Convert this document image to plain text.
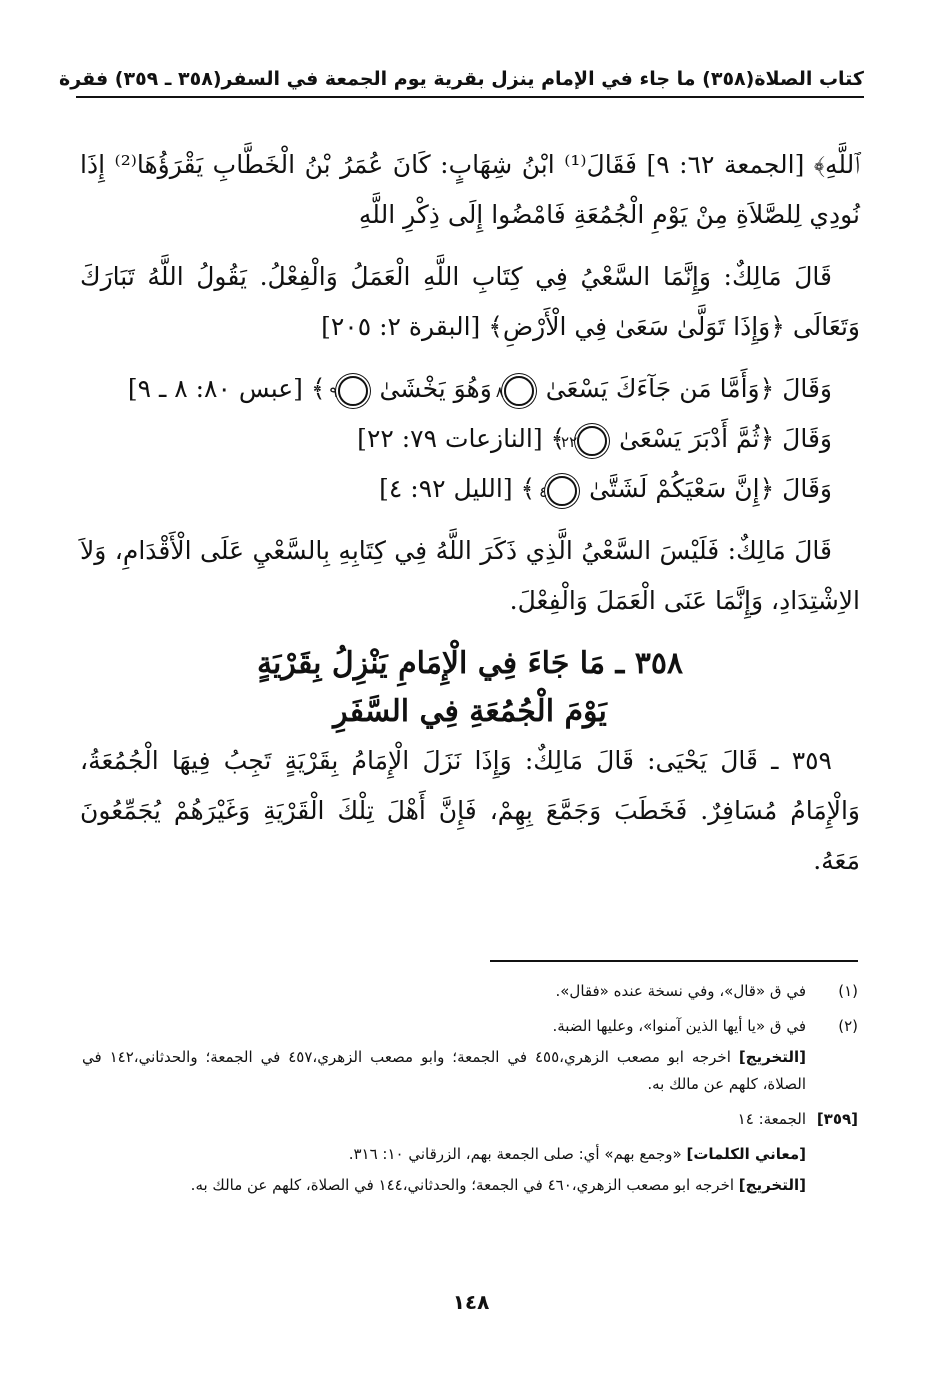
كتاب الصلاة
(٣٥٨) ما جاء في الإمام ينزل بقرية يوم الجمعة في السفر
(٣٥٨ ـ ٣٥٩) فقرة

ﭐللَّهِ﴾ [الجمعة ٦٢: ٩] فَقَالَ⁽¹⁾ ابْنُ شِهَابٍ: كَانَ عُمَرُ بْنُ الْخَطَّابِ يَقْرَؤُهَا⁽²⁾ إِذَا نُودِي لِلصَّلاَةِ مِنْ يَوْمِ الْجُمُعَةِ فَامْضُوا إِلَى ذِكْرِ اللَّهِ

قَالَ مَالِكٌ: وَإِنَّمَا السَّعْيُ فِي كِتَابِ اللَّهِ الْعَمَلُ وَالْفِعْلُ. يَقُولُ اللَّهُ تَبَارَكَ وَتَعَالَى ﴿وَإِذَا تَوَلَّىٰ سَعَىٰ فِي الْأَرْضِ﴾ [البقرة ٢: ٢٠٥]

وَقَالَ ﴿وَأَمَّا مَن جَآءَكَ يَسْعَىٰ ٨ وَهُوَ يَخْشَىٰ ٩ ﴾ [عبس ٨٠: ٨ ـ ٩]

وَقَالَ ﴿ثُمَّ أَدْبَرَ يَسْعَىٰ ٢٢ ﴾ [النازعات ٧٩: ٢٢]

وَقَالَ ﴿إِنَّ سَعْيَكُمْ لَشَتَّىٰ ٤ ﴾ [الليل ٩٢: ٤]

قَالَ مَالِكٌ: فَلَيْسَ السَّعْيُ الَّذِي ذَكَرَ اللَّهُ فِي كِتَابِهِ بِالسَّعْيِ عَلَى الْأَقْدَامِ، وَلاَ الاِشْتِدَادِ، وَإِنَّمَا عَنَى الْعَمَلَ وَالْفِعْلَ.

٣٥٨ ـ مَا جَاءَ فِي الْإِمَامِ يَنْزِلُ بِقَرْيَةٍ
يَوْمَ الْجُمُعَةِ فِي السَّفَرِ

٣٥٩ ـ قَالَ يَحْيَى: قَالَ مَالِكٌ: وَإِذَا نَزَلَ الْإِمَامُ بِقَرْيَةٍ تَجِبُ فِيهَا الْجُمُعَةُ، وَالْإِمَامُ مُسَافِرٌ. فَخَطَبَ وَجَمَّعَ بِهِمْ، فَإِنَّ أَهْلَ تِلْكَ الْقَرْيَةِ وَغَيْرَهُمْ يُجَمِّعُونَ مَعَهُ.

(١)
في ق «قال»، وفي نسخة عنده «فقال».
(٢)
في ق «يا أيها الذين آمنوا»، وعليها الضبة.

[التخريج] اخرجه ابو مصعب الزهري،٤٥٥ في الجمعة؛ وابو مصعب الزهري،٤٥٧ في الجمعة؛ والحدثاني،١٤٢ في الصلاة، كلهم عن مالك به.

[٣٥٩]
الجمعة: ١٤

[معاني الكلمات] «وجمع بهم» أي: صلى الجمعة بهم، الزرقاني ١٠: ٣١٦.

[التخريج] اخرجه ابو مصعب الزهري،٤٦٠ في الجمعة؛ والحدثاني،١٤٤ في الصلاة، كلهم عن مالك به.

١٤٨
